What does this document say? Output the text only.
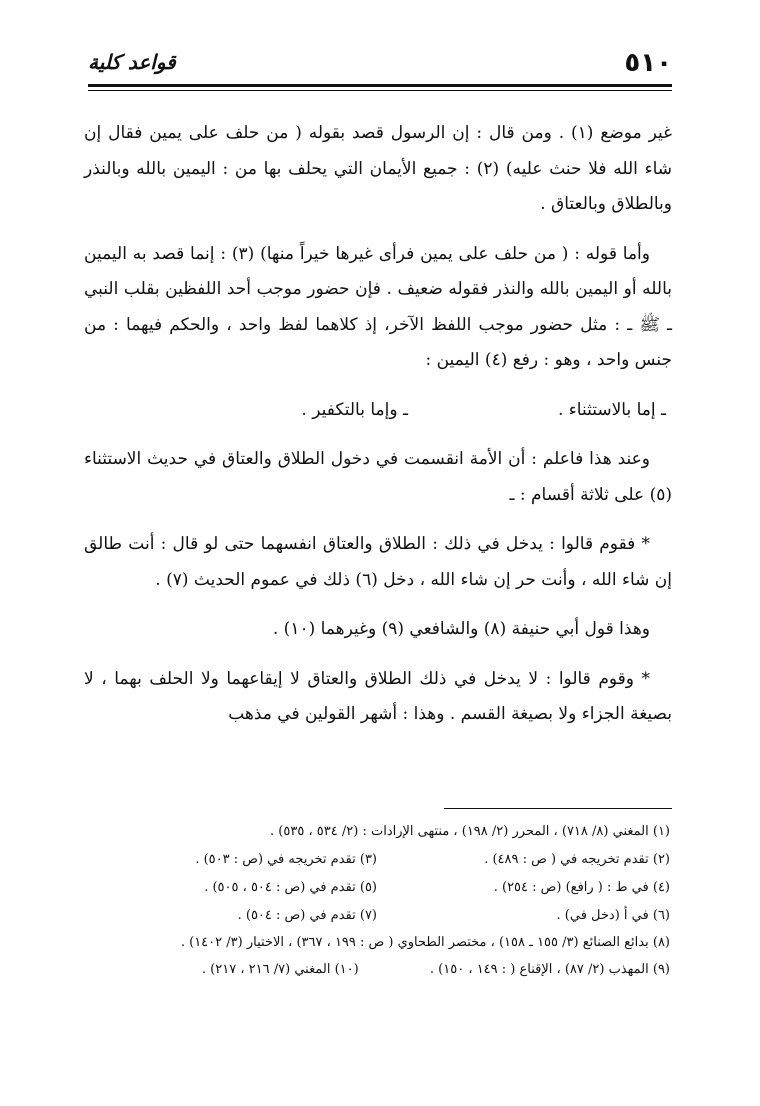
٥١٠
قواعد كلية

غير موضع (١) . ومن قال : إن الرسول قصد بقوله ( من حلف على يمين فقال إن شاء الله فلا حنث عليه) (٢) : جميع الأيمان التي يحلف بها من : اليمين بالله وبالنذر وبالطلاق وبالعتاق .

وأما قوله : ( من حلف على يمين فرأى غيرها خيراً منها) (٣) : إنما قصد به اليمين بالله أو اليمين بالله والنذر فقوله ضعيف . فإن حضور موجب أحد اللفظين بقلب النبي ـ ﷺ ـ : مثل حضور موجب اللفظ الآخر، إذ كلاهما لفظ واحد ، والحكم فيهما : من جنس واحد ، وهو : رفع (٤) اليمين :

ـ إما بالاستثناء .
ـ وإما بالتكفير .

وعند هذا فاعلم : أن الأمة انقسمت في دخول الطلاق والعتاق في حديث الاستثناء (٥) على ثلاثة أقسام : ـ

* فقوم قالوا : يدخل في ذلك : الطلاق والعتاق انفسهما حتى لو قال : أنت طالق إن شاء الله ، وأنت حر إن شاء الله ، دخل (٦) ذلك في عموم الحديث (٧) .

وهذا قول أبي حنيفة (٨) والشافعي (٩) وغيرهما (١٠) .

* وقوم قالوا : لا يدخل في ذلك الطلاق والعتاق لا إيقاعهما ولا الحلف بهما ، لا بصيغة الجزاء ولا بصيغة القسم . وهذا : أشهر القولين في مذهب

(١) المغني (٨/ ٧١٨) ، المحرر (٢/ ١٩٨) ، منتهى الإرادات : (٢/ ٥٣٤ ، ٥٣٥) .
(٢) تقدم تخريجه في ( ص : ٤٨٩) .
(٣) تقدم تخريجه في (ص : ٥٠٣) .
(٤) في ط : ( رافع) (ص : ٢٥٤) .
(٥) تقدم في (ص : ٥٠٤ ، ٥٠٥) .
(٦) في أ (دخل في) .
(٧) تقدم في (ص : ٥٠٤) .
(٨) بدائع الصنائع (٣/ ١٥٥ ـ ١٥٨) ، مختصر الطحاوي ( ص : ١٩٩ ، ٣٦٧) ، الاختيار (٣/ ١٤٠٢) .
(٩) المهذب (٢/ ٨٧) ، الإقناع ( : ١٤٩ ، ١٥٠) .
(١٠) المغني (٧/ ٢١٦ ، ٢١٧) .
